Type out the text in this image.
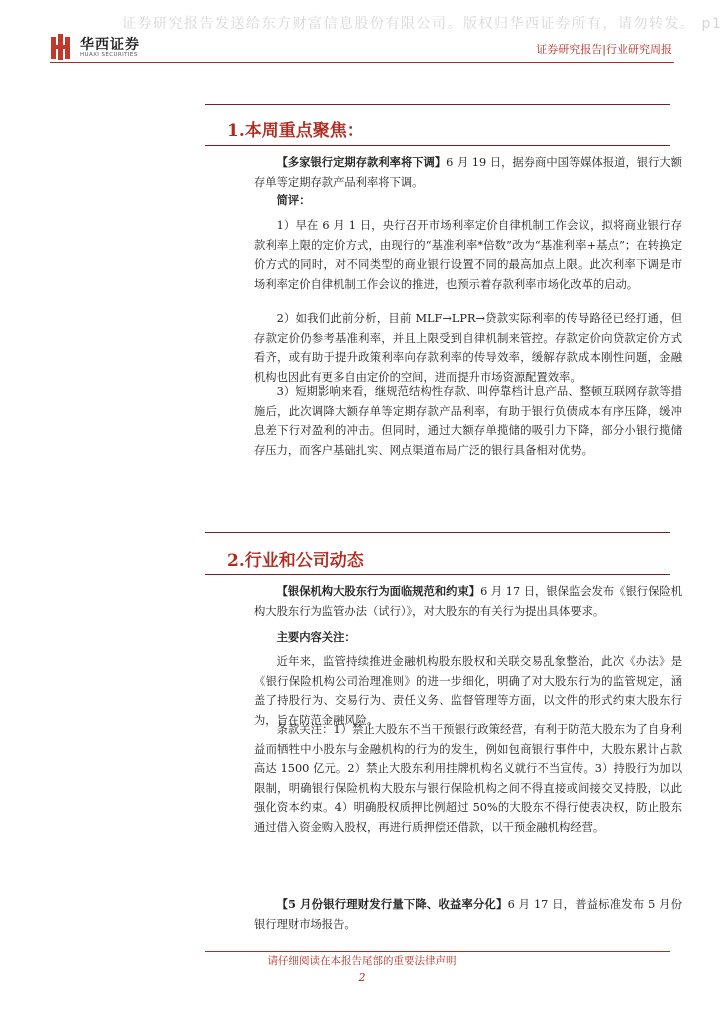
证券研究报告发送给东方财富信息股份有限公司。版权归华西证券所有，请勿转发。 p1
华西证券
HUAXI SECURITIES	证券研究报告|行业研究周报
1.本周重点聚焦：

【多家银行定期存款利率将下调】6 月 19 日，据券商中国等媒体报道，银行大额存单等定期存款产品利率将下调。

简评：

1）早在 6 月 1 日，央行召开市场利率定价自律机制工作会议，拟将商业银行存款利率上限的定价方式，由现行的“基准利率*倍数”改为“基准利率+基点”；在转换定价方式的同时，对不同类型的商业银行设置不同的最高加点上限。此次利率下调是市场利率定价自律机制工作会议的推进，也预示着存款利率市场化改革的启动。

2）如我们此前分析，目前 MLF→LPR→贷款实际利率的传导路径已经打通，但存款定价仍参考基准利率，并且上限受到自律机制来管控。存款定价向贷款定价方式看齐，或有助于提升政策利率向存款利率的传导效率，缓解存款成本刚性问题，金融机构也因此有更多自由定价的空间，进而提升市场资源配置效率。

3）短期影响来看，继规范结构性存款、叫停靠档计息产品、整顿互联网存款等措施后，此次调降大额存单等定期存款产品利率，有助于银行负债成本有序压降，缓冲息差下行对盈利的冲击。但同时，通过大额存单揽储的吸引力下降，部分小银行揽储存压力，而客户基础扎实、网点渠道布局广泛的银行具备相对优势。

2.行业和公司动态

【银保机构大股东行为面临规范和约束】6 月 17 日，银保监会发布《银行保险机构大股东行为监管办法（试行）》，对大股东的有关行为提出具体要求。

主要内容关注：

近年来，监管持续推进金融机构股东股权和关联交易乱象整治，此次《办法》是《银行保险机构公司治理准则》的进一步细化，明确了对大股东行为的监管规定，涵盖了持股行为、交易行为、责任义务、监督管理等方面，以文件的形式约束大股东行为，旨在防范金融风险。

条款关注：1）禁止大股东不当干预银行政策经营，有利于防范大股东为了自身利益而牺牲中小股东与金融机构的行为的发生，例如包商银行事件中，大股东累计占款高达 1500 亿元。2）禁止大股东利用挂牌机构名义就行不当宣传。3）持股行为加以限制，明确银行保险机构大股东与银行保险机构之间不得直接或间接交叉持股，以此强化资本约束。4）明确股权质押比例超过 50%的大股东不得行使表决权，防止股东通过借入资金购入股权，再进行质押偿还借款，以干预金融机构经营。

【5 月份银行理财发行量下降、收益率分化】6 月 17 日，普益标准发布 5 月份银行理财市场报告。

请仔细阅读在本报告尾部的重要法律声明
2
